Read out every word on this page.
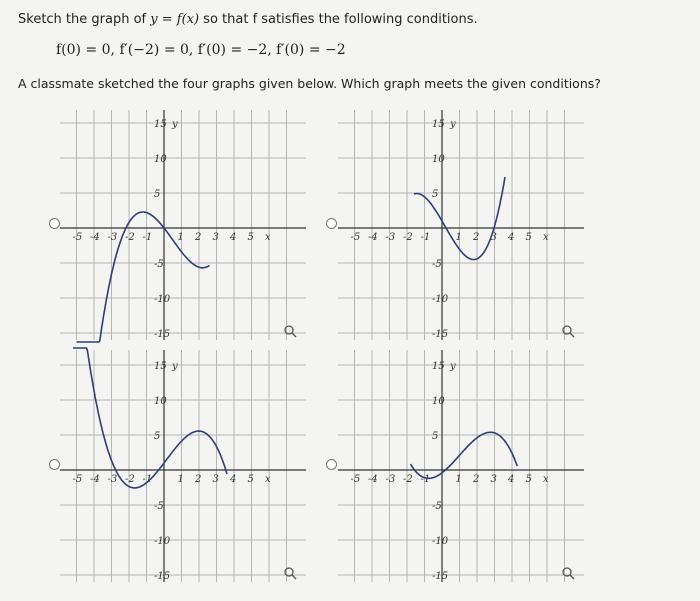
Sketch the graph of y = f(x) so that f satisfies the following conditions.
f(0) = 0, f′(−2) = 0, f′(0) = −2, f′(0) = −2
A classmate sketched the four graphs given below. Which graph meets the given conditions?
-5 -4 -3 -2 -1	1 2 3 4 5 x
15
10
5
-5
-10
-15
y
-5 -4 -3 -2 -1	1 2 3 4 5 x
15
10
5
-5
-10
-15
y
-5 -4 -3 -2 -1	1 2 3 4 5 x
15
10
5
-5
-10
-15
y
-5 -4 -3 -2 -1	1 2 3 4 5 x
15
10
5
-5
-10
-15
y
